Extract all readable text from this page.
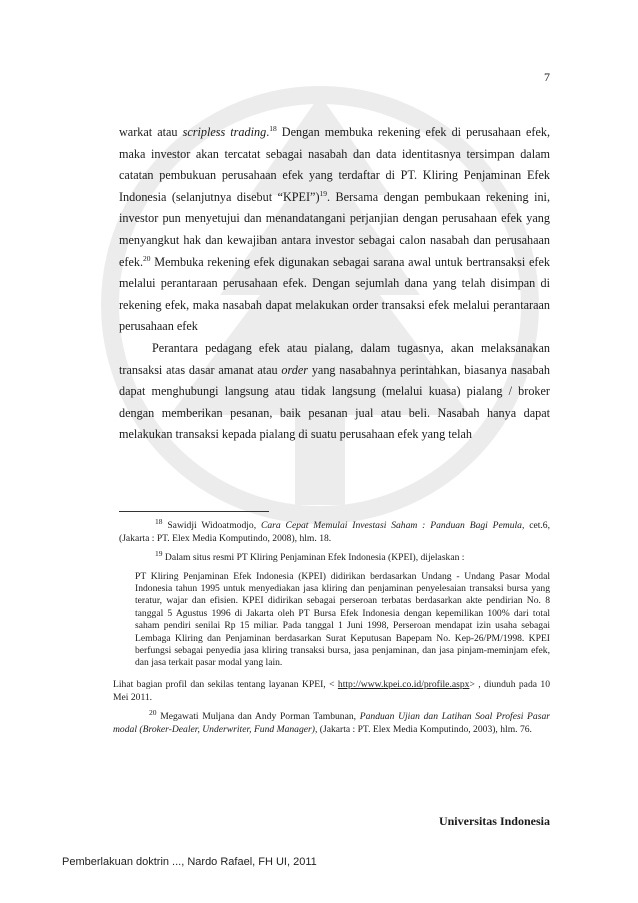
7

warkat atau scripless trading.$^{18}$ Dengan membuka rekening efek di perusahaan efek, maka investor akan tercatat sebagai nasabah dan data identitasnya tersimpan dalam catatan pembukuan perusahaan efek yang terdaftar di PT. Kliring Penjaminan Efek Indonesia (selanjutnya disebut “KPEI”)$^{19}$. Bersama dengan pembukaan rekening ini, investor pun menyetujui dan menandatangani perjanjian dengan perusahaan efek yang menyangkut hak dan kewajiban antara investor sebagai calon nasabah dan perusahaan efek.$^{20}$ Membuka rekening efek digunakan sebagai sarana awal untuk bertransaksi efek melalui perantaraan perusahaan efek. Dengan sejumlah dana yang telah disimpan di rekening efek, maka nasabah dapat melakukan order transaksi efek melalui perantaraan perusahaan efek

Perantara pedagang efek atau pialang, dalam tugasnya, akan melaksanakan transaksi atas dasar amanat atau order yang nasabahnya perintahkan, biasanya nasabah dapat menghubungi langsung atau tidak langsung (melalui kuasa) pialang / broker dengan memberikan pesanan, baik pesanan jual atau beli. Nasabah hanya dapat melakukan transaksi kepada pialang di suatu perusahaan efek yang telah

$^{18}$ Sawidji Widoatmodjo, Cara Cepat Memulai Investasi Saham : Panduan Bagi Pemula, cet.6, (Jakarta : PT. Elex Media Komputindo, 2008), hlm. 18.

$^{19}$ Dalam situs resmi PT Kliring Penjaminan Efek Indonesia (KPEI), dijelaskan :

PT Kliring Penjaminan Efek Indonesia (KPEI) didirikan berdasarkan Undang - Undang Pasar Modal Indonesia tahun 1995 untuk menyediakan jasa kliring dan penjaminan penyelesaian transaksi bursa yang teratur, wajar dan efisien. KPEI didirikan sebagai perseroan terbatas berdasarkan akte pendirian No. 8 tanggal 5 Agustus 1996 di Jakarta oleh PT Bursa Efek Indonesia dengan kepemilikan 100% dari total saham pendiri senilai Rp 15 miliar. Pada tanggal 1 Juni 1998, Perseroan mendapat izin usaha sebagai Lembaga Kliring dan Penjaminan berdasarkan Surat Keputusan Bapepam No. Kep-26/PM/1998. KPEI berfungsi sebagai penyedia jasa kliring transaksi bursa, jasa penjaminan, dan jasa pinjam-meminjam efek, dan jasa terkait pasar modal yang lain.

Lihat bagian profil dan sekilas tentang layanan KPEI, < http://www.kpei.co.id/profile.aspx> , diunduh pada 10 Mei 2011.

$^{20}$ Megawati Muljana dan Andy Porman Tambunan, Panduan Ujian dan Latihan Soal Profesi Pasar modal (Broker-Dealer, Underwriter, Fund Manager), (Jakarta : PT. Elex Media Komputindo, 2003), hlm. 76.

Universitas Indonesia
Pemberlakuan doktrin ..., Nardo Rafael, FH UI, 2011
